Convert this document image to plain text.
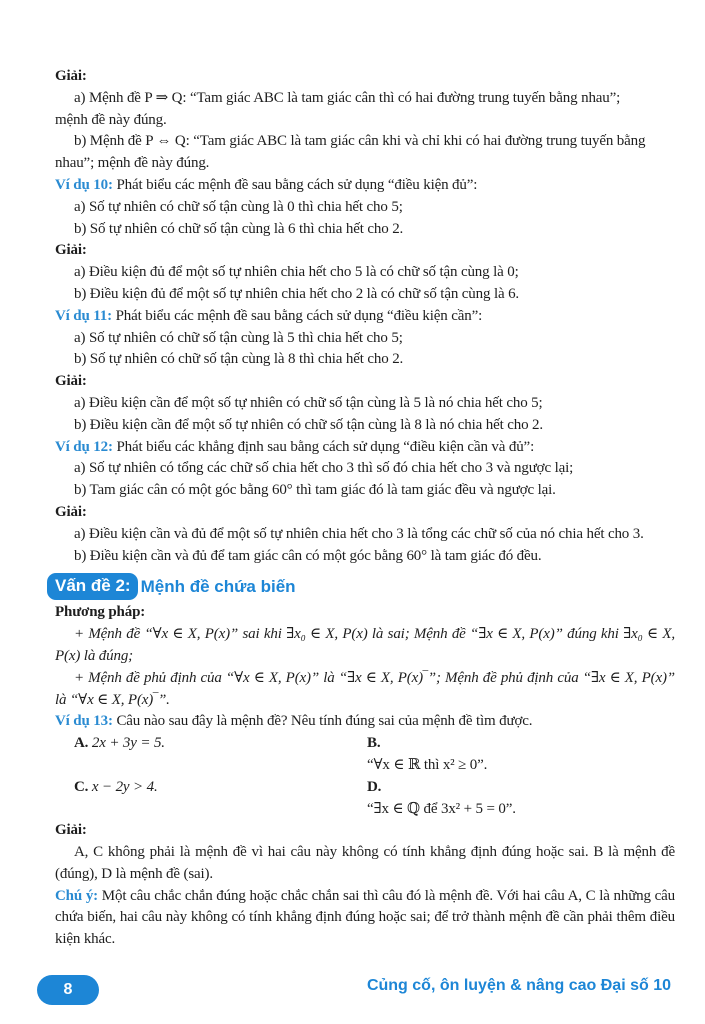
Giải:
a) Mệnh đề P ⇒ Q: “Tam giác ABC là tam giác cân thì có hai đường trung tuyến bằng nhau”;
mệnh đề này đúng.
b) Mệnh đề P ⇔ Q: “Tam giác ABC là tam giác cân khi và chỉ khi có hai đường trung tuyến bằng
nhau”; mệnh đề này đúng.
Ví dụ 10: Phát biểu các mệnh đề sau bằng cách sử dụng “điều kiện đủ”:
a) Số tự nhiên có chữ số tận cùng là 0 thì chia hết cho 5;
b) Số tự nhiên có chữ số tận cùng là 6 thì chia hết cho 2.
Giải:
a) Điều kiện đủ để một số tự nhiên chia hết cho 5 là có chữ số tận cùng là 0;
b) Điều kiện đủ để một số tự nhiên chia hết cho 2 là có chữ số tận cùng là 6.
Ví dụ 11: Phát biểu các mệnh đề sau bằng cách sử dụng “điều kiện cần”:
a) Số tự nhiên có chữ số tận cùng là 5 thì chia hết cho 5;
b) Số tự nhiên có chữ số tận cùng là 8 thì chia hết cho 2.
Giải:
a) Điều kiện cần để một số tự nhiên có chữ số tận cùng là 5 là nó chia hết cho 5;
b) Điều kiện cần để một số tự nhiên có chữ số tận cùng là 8 là nó chia hết cho 2.
Ví dụ 12: Phát biểu các khẳng định sau bằng cách sử dụng “điều kiện cần và đủ”:
a) Số tự nhiên có tổng các chữ số chia hết cho 3 thì số đó chia hết cho 3 và ngược lại;
b) Tam giác cân có một góc bằng 60° thì tam giác đó là tam giác đều và ngược lại.
Giải:
a) Điều kiện cần và đủ để một số tự nhiên chia hết cho 3 là tổng các chữ số của nó chia hết cho 3.
b) Điều kiện cần và đủ để tam giác cân có một góc bằng 60° là tam giác đó đều.
Vấn đề 2: Mệnh đề chứa biến
Phương pháp:
+ Mệnh đề “∀x ∈ X, P(x)” sai khi ∃x₀ ∈ X, P(x) là sai; Mệnh đề “∃x ∈ X, P(x)” đúng khi ∃x₀ ∈ X, P(x) là đúng;
+ Mệnh đề phủ định của “∀x ∈ X, P(x)” là “∃x ∈ X, P(x)‾”; Mệnh đề phủ định của “∃x ∈ X, P(x)” là “∀x ∈ X, P(x)‾”.
Ví dụ 13: Câu nào sau đây là mệnh đề? Nêu tính đúng sai của mệnh đề tìm được.
A. 2x + 3y = 5.	B.
“∀x ∈ ℝ thì x² ≥ 0”.
C. x − 2y > 4.	D.
“∃x ∈ ℚ để 3x² + 5 = 0”.
Giải:
A, C không phải là mệnh đề vì hai câu này không có tính khẳng định đúng hoặc sai. B là mệnh đề (đúng), D là mệnh đề (sai).
Chú ý: Một câu chắc chắn đúng hoặc chắc chắn sai thì câu đó là mệnh đề. Với hai câu A, C là những câu chứa biến, hai câu này không có tính khẳng định đúng hoặc sai; để trở thành mệnh đề cần phải thêm điều kiện khác.
8	Củng cố, ôn luyện & nâng cao Đại số 10
